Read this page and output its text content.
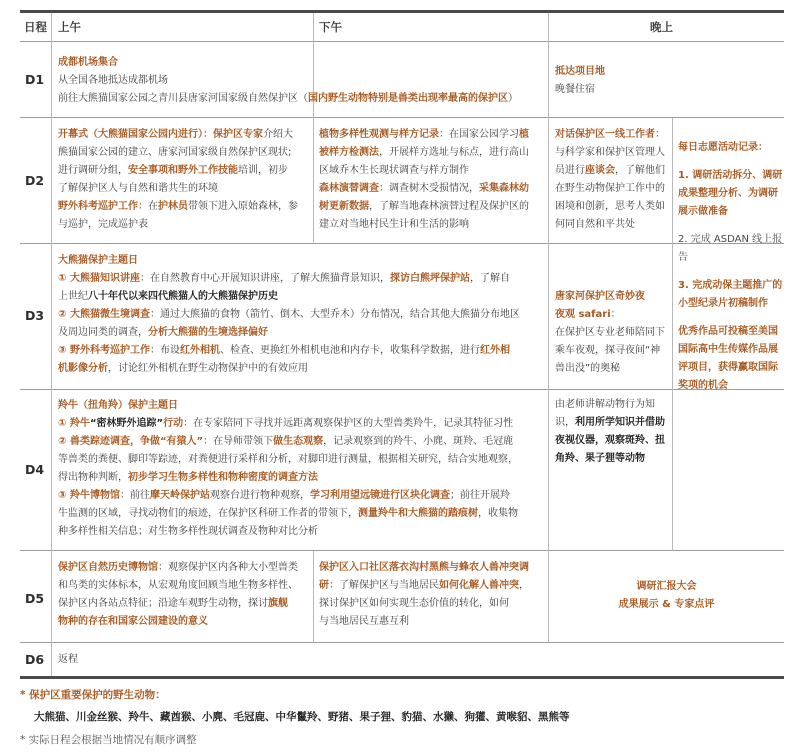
日程 上午	下午	晚上
D1
成都机场集合
从全国各地抵达成都机场
前往大熊猫国家公园之青川县唐家河国家级自然保护区（国内野生动物特别是兽类出现率最高的保护区）
抵达项目地
晚餐住宿
D2
开幕式（大熊猫国家公园内进行）：保护区专家介绍大
熊猫国家公园的建立、唐家河国家级自然保护区现状;
进行调研分组，安全事项和野外工作技能培训，初步
了解保护区人与自然和谐共生的环境
野外科考巡护工作：在护林员带领下进入原始森林，参
与巡护，完成巡护表
植物多样性观测与样方记录：在国家公园学习植
被样方检测法，开展样方选址与标点，进行高山
区域乔木生长现状调查与样方制作
森林演替调查：调查树木受损情况，采集森林幼
树更新数据，了解当地森林演替过程及保护区的
建立对当地村民生计和生活的影响
对话保护区一线工作者：
与科学家和保护区管理人
员进行座谈会，了解他们
在野生动物保护工作中的
困境和创新，思考人类如
何同自然和平共处
每日志愿活动记录：
1. 调研活动拆分、调研成果整理分析、为调研展示做准备
2. 完成 ASDAN 线上报告
3. 完成动保主题推广的小型纪录片初稿制作
优秀作品可投稿至美国国际高中生传媒作品展评项目，获得赢取国际奖项的机会
D3
大熊猫保护主题日
① 大熊猫知识讲座：在自然教育中心开展知识讲座，了解大熊猫背景知识，探访白熊坪保护站，了解自
上世纪八十年代以来四代熊猫人的大熊猫保护历史
② 大熊猫微生境调查：通过大熊猫的食物（箭竹、倒木、大型乔木）分布情况，结合其他大熊猫分布地区
及周边同类的调查，分析大熊猫的生境选择偏好
③ 野外科考巡护工作：布设红外相机、检查、更换红外相机电池和内存卡，收集科学数据，进行红外相
机影像分析，讨论红外相机在野生动物保护中的有效应用
唐家河保护区奇妙夜
夜观 safari：
在保护区专业老师陪同下
乘车夜观，探寻夜间“神
兽出没”的奥秘
由老师讲解动物行为知
识，利用所学知识并借助
夜视仪器，观察斑羚、扭
角羚、果子狸等动物
D4
羚牛（扭角羚）保护主题日
① 羚牛“密林野外追踪”行动：在专家陪同下寻找并远距离观察保护区的大型兽类羚牛，记录其特征习性
② 兽类踪迹调查，争做“有猿人”：在导师带领下做生态观察，记录观察到的羚牛、小麂、斑羚、毛冠鹿
等兽类的粪便、脚印等踪迹，对粪便进行采样和分析，对脚印进行测量，根据相关研究，结合实地观察，
得出物种判断，初步学习生物多样性和物种密度的调查方法
③ 羚牛博物馆：前往摩天岭保护站观察台进行物种观察，学习利用望远镜进行区块化调查；前往开展羚
牛监测的区域，寻找动物们的痕迹，在保护区科研工作者的带领下，测量羚牛和大熊猫的踏痕树，收集物
种多样性相关信息；对生物多样性现状调查及物种对比分析
D5
保护区自然历史博物馆：观察保护区内各种大小型兽类
和鸟类的实体标本，从宏观角度回顾当地生物多样性、
保护区内各站点特征；沿途车观野生动物，探讨旗舰
物种的存在和国家公园建设的意义
保护区入口社区落衣沟村黑熊与蜂农人兽冲突调
研：了解保护区与当地居民如何化解人兽冲突，
探讨保护区如何实现生态价值的转化，如何
与当地居民互惠互利
调研汇报大会
成果展示 & 专家点评
D6 返程
* 保护区重要保护的野生动物：
大熊猫、川金丝猴、羚牛、藏酋猴、小麂、毛冠鹿、中华鬣羚、野猪、果子狸、豹猫、水獭、狗獾、黄喉貂、黑熊等
* 实际日程会根据当地情况有顺序调整
